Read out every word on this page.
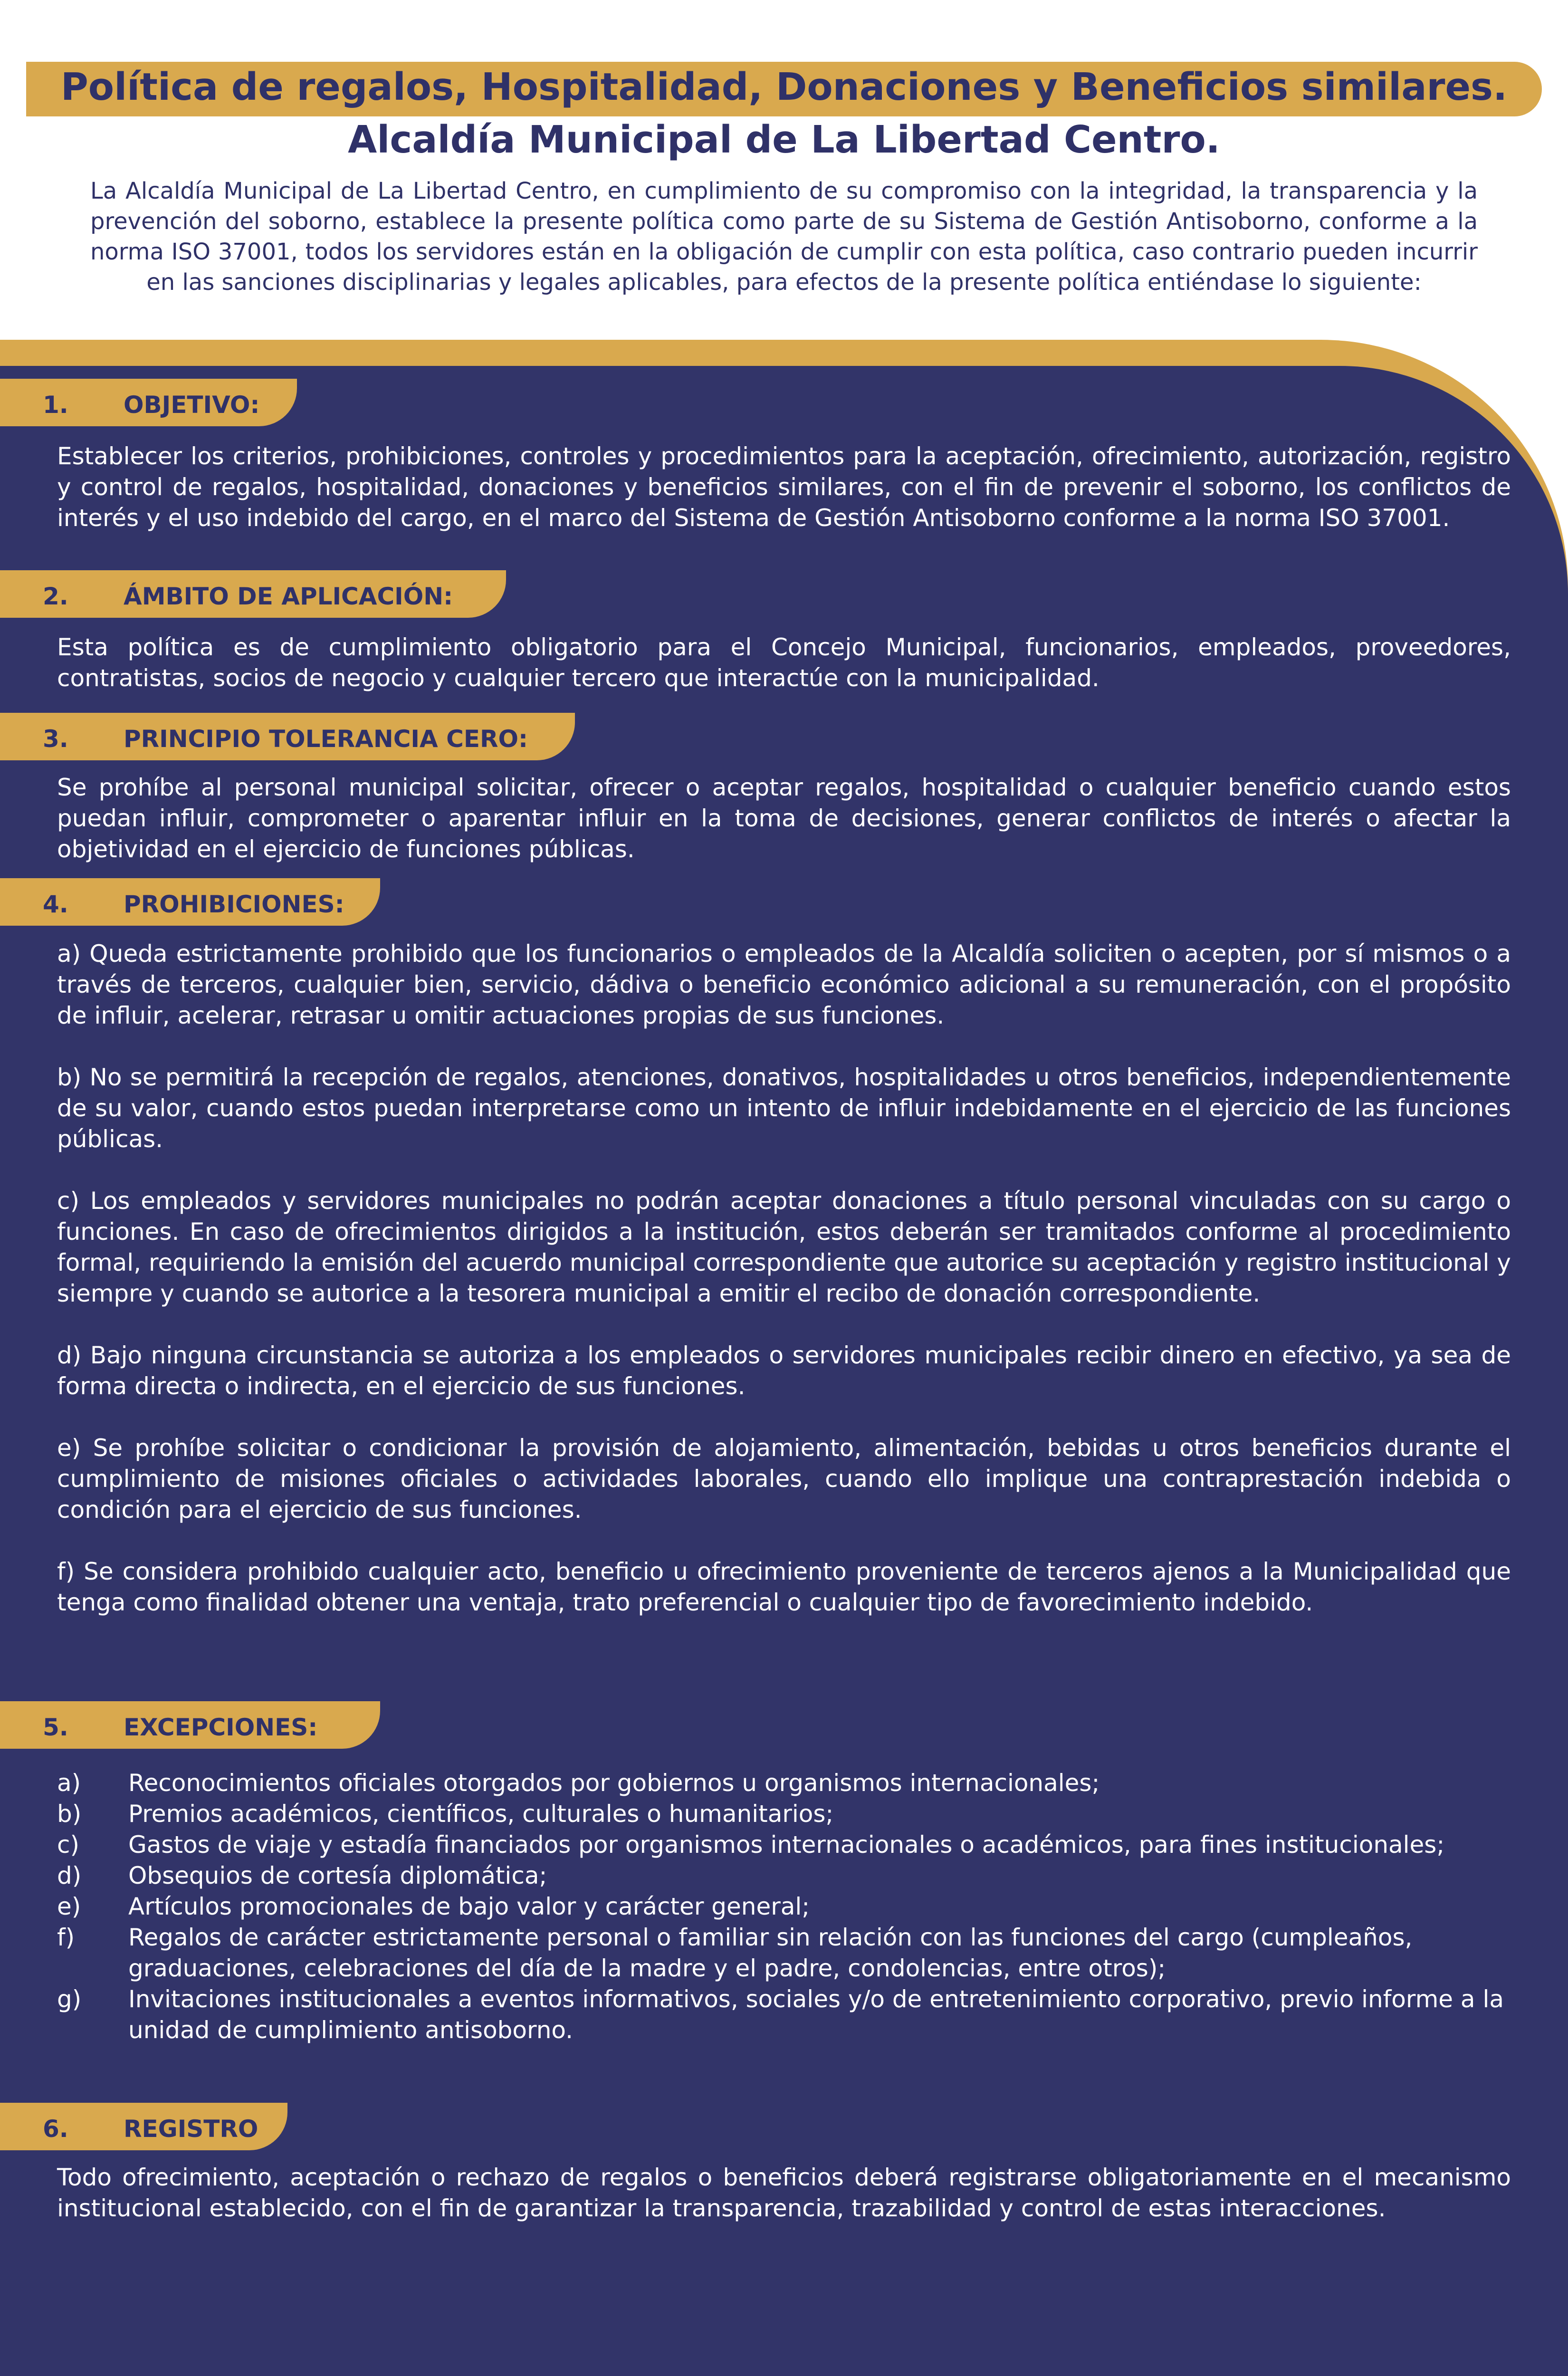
Política de regalos, Hospitalidad, Donaciones y Beneficios similares.
Alcaldía Municipal de La Libertad Centro.
La Alcaldía Municipal de La Libertad Centro, en cumplimiento de su compromiso con la integridad, la transparencia y la prevención del soborno, establece la presente política como parte de su Sistema de Gestión Antisoborno, conforme a la norma ISO 37001, todos los servidores están en la obligación de cumplir con esta política, caso contrario pueden incurrir en las sanciones disciplinarias y legales aplicables, para efectos de la presente política entiéndase lo siguiente:
1. OBJETIVO:

Establecer los criterios, prohibiciones, controles y procedimientos para la aceptación, ofrecimiento, autorización, registro y control de regalos, hospitalidad, donaciones y beneficios similares, con el fin de prevenir el soborno, los conflictos de interés y el uso indebido del cargo, en el marco del Sistema de Gestión Antisoborno conforme a la norma ISO 37001.

2. ÁMBITO DE APLICACIÓN:

Esta política es de cumplimiento obligatorio para el Concejo Municipal, funcionarios, empleados, proveedores, contratistas, socios de negocio y cualquier tercero que interactúe con la municipalidad.

3. PRINCIPIO TOLERANCIA CERO:

Se prohíbe al personal municipal solicitar, ofrecer o aceptar regalos, hospitalidad o cualquier beneficio cuando estos puedan influir, comprometer o aparentar influir en la toma de decisiones, generar conflictos de interés o afectar la objetividad en el ejercicio de funciones públicas.

4. PROHIBICIONES:

a) Queda estrictamente prohibido que los funcionarios o empleados de la Alcaldía soliciten o acepten, por sí mismos o a través de terceros, cualquier bien, servicio, dádiva o beneficio económico adicional a su remuneración, con el propósito de influir, acelerar, retrasar u omitir actuaciones propias de sus funciones.

b) No se permitirá la recepción de regalos, atenciones, donativos, hospitalidades u otros beneficios, independientemente de su valor, cuando estos puedan interpretarse como un intento de influir indebidamente en el ejercicio de las funciones públicas.

c) Los empleados y servidores municipales no podrán aceptar donaciones a título personal vinculadas con su cargo o funciones. En caso de ofrecimientos dirigidos a la institución, estos deberán ser tramitados conforme al procedimiento formal, requiriendo la emisión del acuerdo municipal correspondiente que autorice su aceptación y registro institucional y siempre y cuando se autorice a la tesorera municipal a emitir el recibo de donación correspondiente.

d) Bajo ninguna circunstancia se autoriza a los empleados o servidores municipales recibir dinero en efectivo, ya sea de forma directa o indirecta, en el ejercicio de sus funciones.

e) Se prohíbe solicitar o condicionar la provisión de alojamiento, alimentación, bebidas u otros beneficios durante el cumplimiento de misiones oficiales o actividades laborales, cuando ello implique una contraprestación indebida o condición para el ejercicio de sus funciones.

f) Se considera prohibido cualquier acto, beneficio u ofrecimiento proveniente de terceros ajenos a la Municipalidad que tenga como finalidad obtener una ventaja, trato preferencial o cualquier tipo de favorecimiento indebido.

5. EXCEPCIONES:
a) Reconocimientos oficiales otorgados por gobiernos u organismos internacionales;
b) Premios académicos, científicos, culturales o humanitarios;
c) Gastos de viaje y estadía financiados por organismos internacionales o académicos, para fines institucionales;
d) Obsequios de cortesía diplomática;
e) Artículos promocionales de bajo valor y carácter general;
f) Regalos de carácter estrictamente personal o familiar sin relación con las funciones del cargo (cumpleaños, graduaciones, celebraciones del día de la madre y el padre, condolencias, entre otros);
g) Invitaciones institucionales a eventos informativos, sociales y/o de entretenimiento corporativo, previo informe a la unidad de cumplimiento antisoborno.
6. REGISTRO

Todo ofrecimiento, aceptación o rechazo de regalos o beneficios deberá registrarse obligatoriamente en el mecanismo institucional establecido, con el fin de garantizar la transparencia, trazabilidad y control de estas interacciones.
